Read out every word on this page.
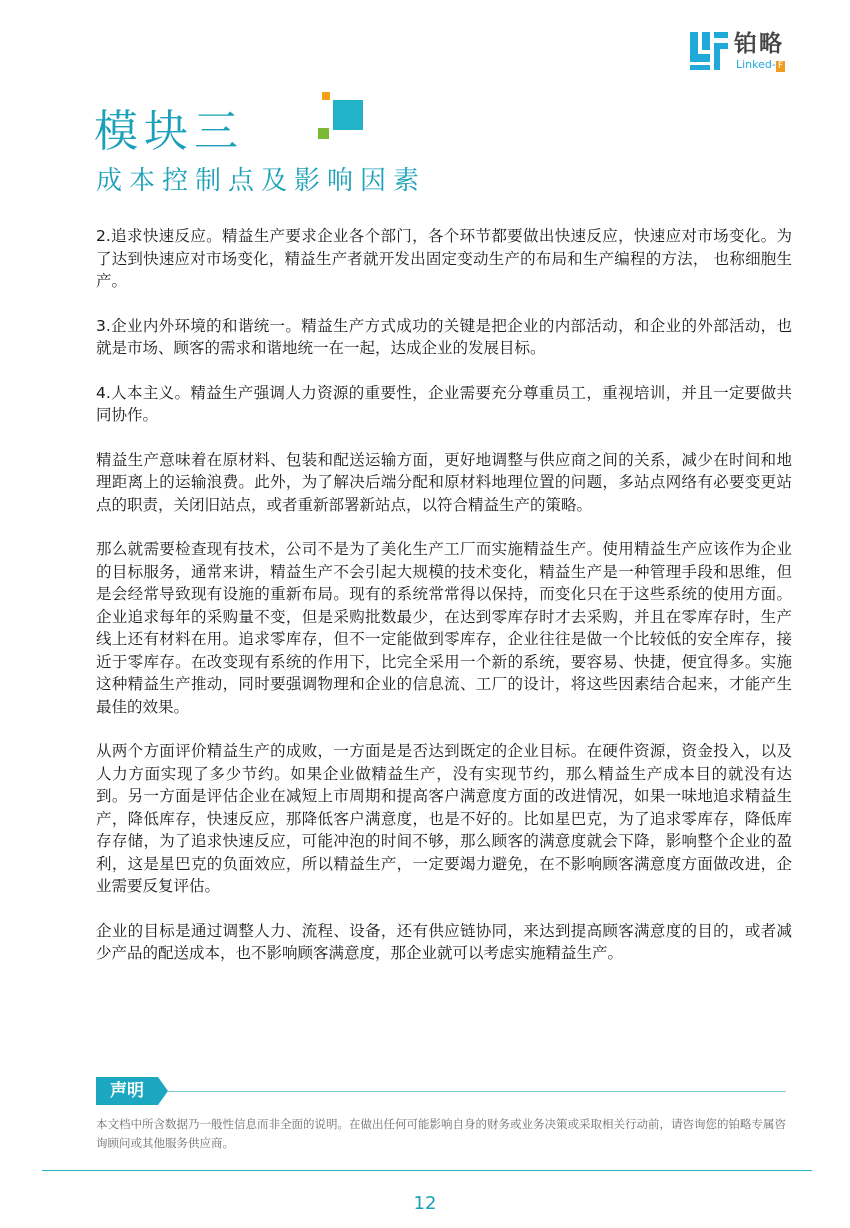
铂略
Linked- F
模块三
成本控制点及影响因素

2.追求快速反应。精益生产要求企业各个部门，各个环节都要做出快速反应，快速应对市场变化。为了达到快速应对市场变化，精益生产者就开发出固定变动生产的布局和生产编程的方法， 也称细胞生产。

3.企业内外环境的和谐统一。精益生产方式成功的关键是把企业的内部活动，和企业的外部活动，也就是市场、顾客的需求和谐地统一在一起，达成企业的发展目标。

4.人本主义。精益生产强调人力资源的重要性，企业需要充分尊重员工，重视培训，并且一定要做共同协作。

精益生产意味着在原材料、包装和配送运输方面，更好地调整与供应商之间的关系，减少在时间和地理距离上的运输浪费。此外，为了解决后端分配和原材料地理位置的问题，多站点网络有必要变更站点的职责，关闭旧站点，或者重新部署新站点，以符合精益生产的策略。

那么就需要检查现有技术，公司不是为了美化生产工厂而实施精益生产。使用精益生产应该作为企业的目标服务，通常来讲，精益生产不会引起大规模的技术变化，精益生产是一种管理手段和思维，但是会经常导致现有设施的重新布局。现有的系统常常得以保持，而变化只在于这些系统的使用方面。企业追求每年的采购量不变，但是采购批数最少，在达到零库存时才去采购，并且在零库存时，生产线上还有材料在用。追求零库存，但不一定能做到零库存，企业往往是做一个比较低的安全库存，接近于零库存。在改变现有系统的作用下，比完全采用一个新的系统，要容易、快捷，便宜得多。实施这种精益生产推动，同时要强调物理和企业的信息流、工厂的设计，将这些因素结合起来，才能产生最佳的效果。

从两个方面评价精益生产的成败，一方面是是否达到既定的企业目标。在硬件资源，资金投入，以及人力方面实现了多少节约。如果企业做精益生产，没有实现节约，那么精益生产成本目的就没有达到。另一方面是评估企业在减短上市周期和提高客户满意度方面的改进情况，如果一味地追求精益生产，降低库存，快速反应，那降低客户满意度，也是不好的。比如星巴克，为了追求零库存，降低库存存储，为了追求快速反应，可能冲泡的时间不够，那么顾客的满意度就会下降，影响整个企业的盈利，这是星巴克的负面效应，所以精益生产，一定要竭力避免，在不影响顾客满意度方面做改进，企业需要反复评估。

企业的目标是通过调整人力、流程、设备，还有供应链协同，来达到提高顾客满意度的目的，或者减少产品的配送成本，也不影响顾客满意度，那企业就可以考虑实施精益生产。

声明

本文档中所含数据乃一般性信息而非全面的说明。在做出任何可能影响自身的财务或业务决策或采取相关行动前，请咨询您的铂略专属咨询顾问或其他服务供应商。

12
